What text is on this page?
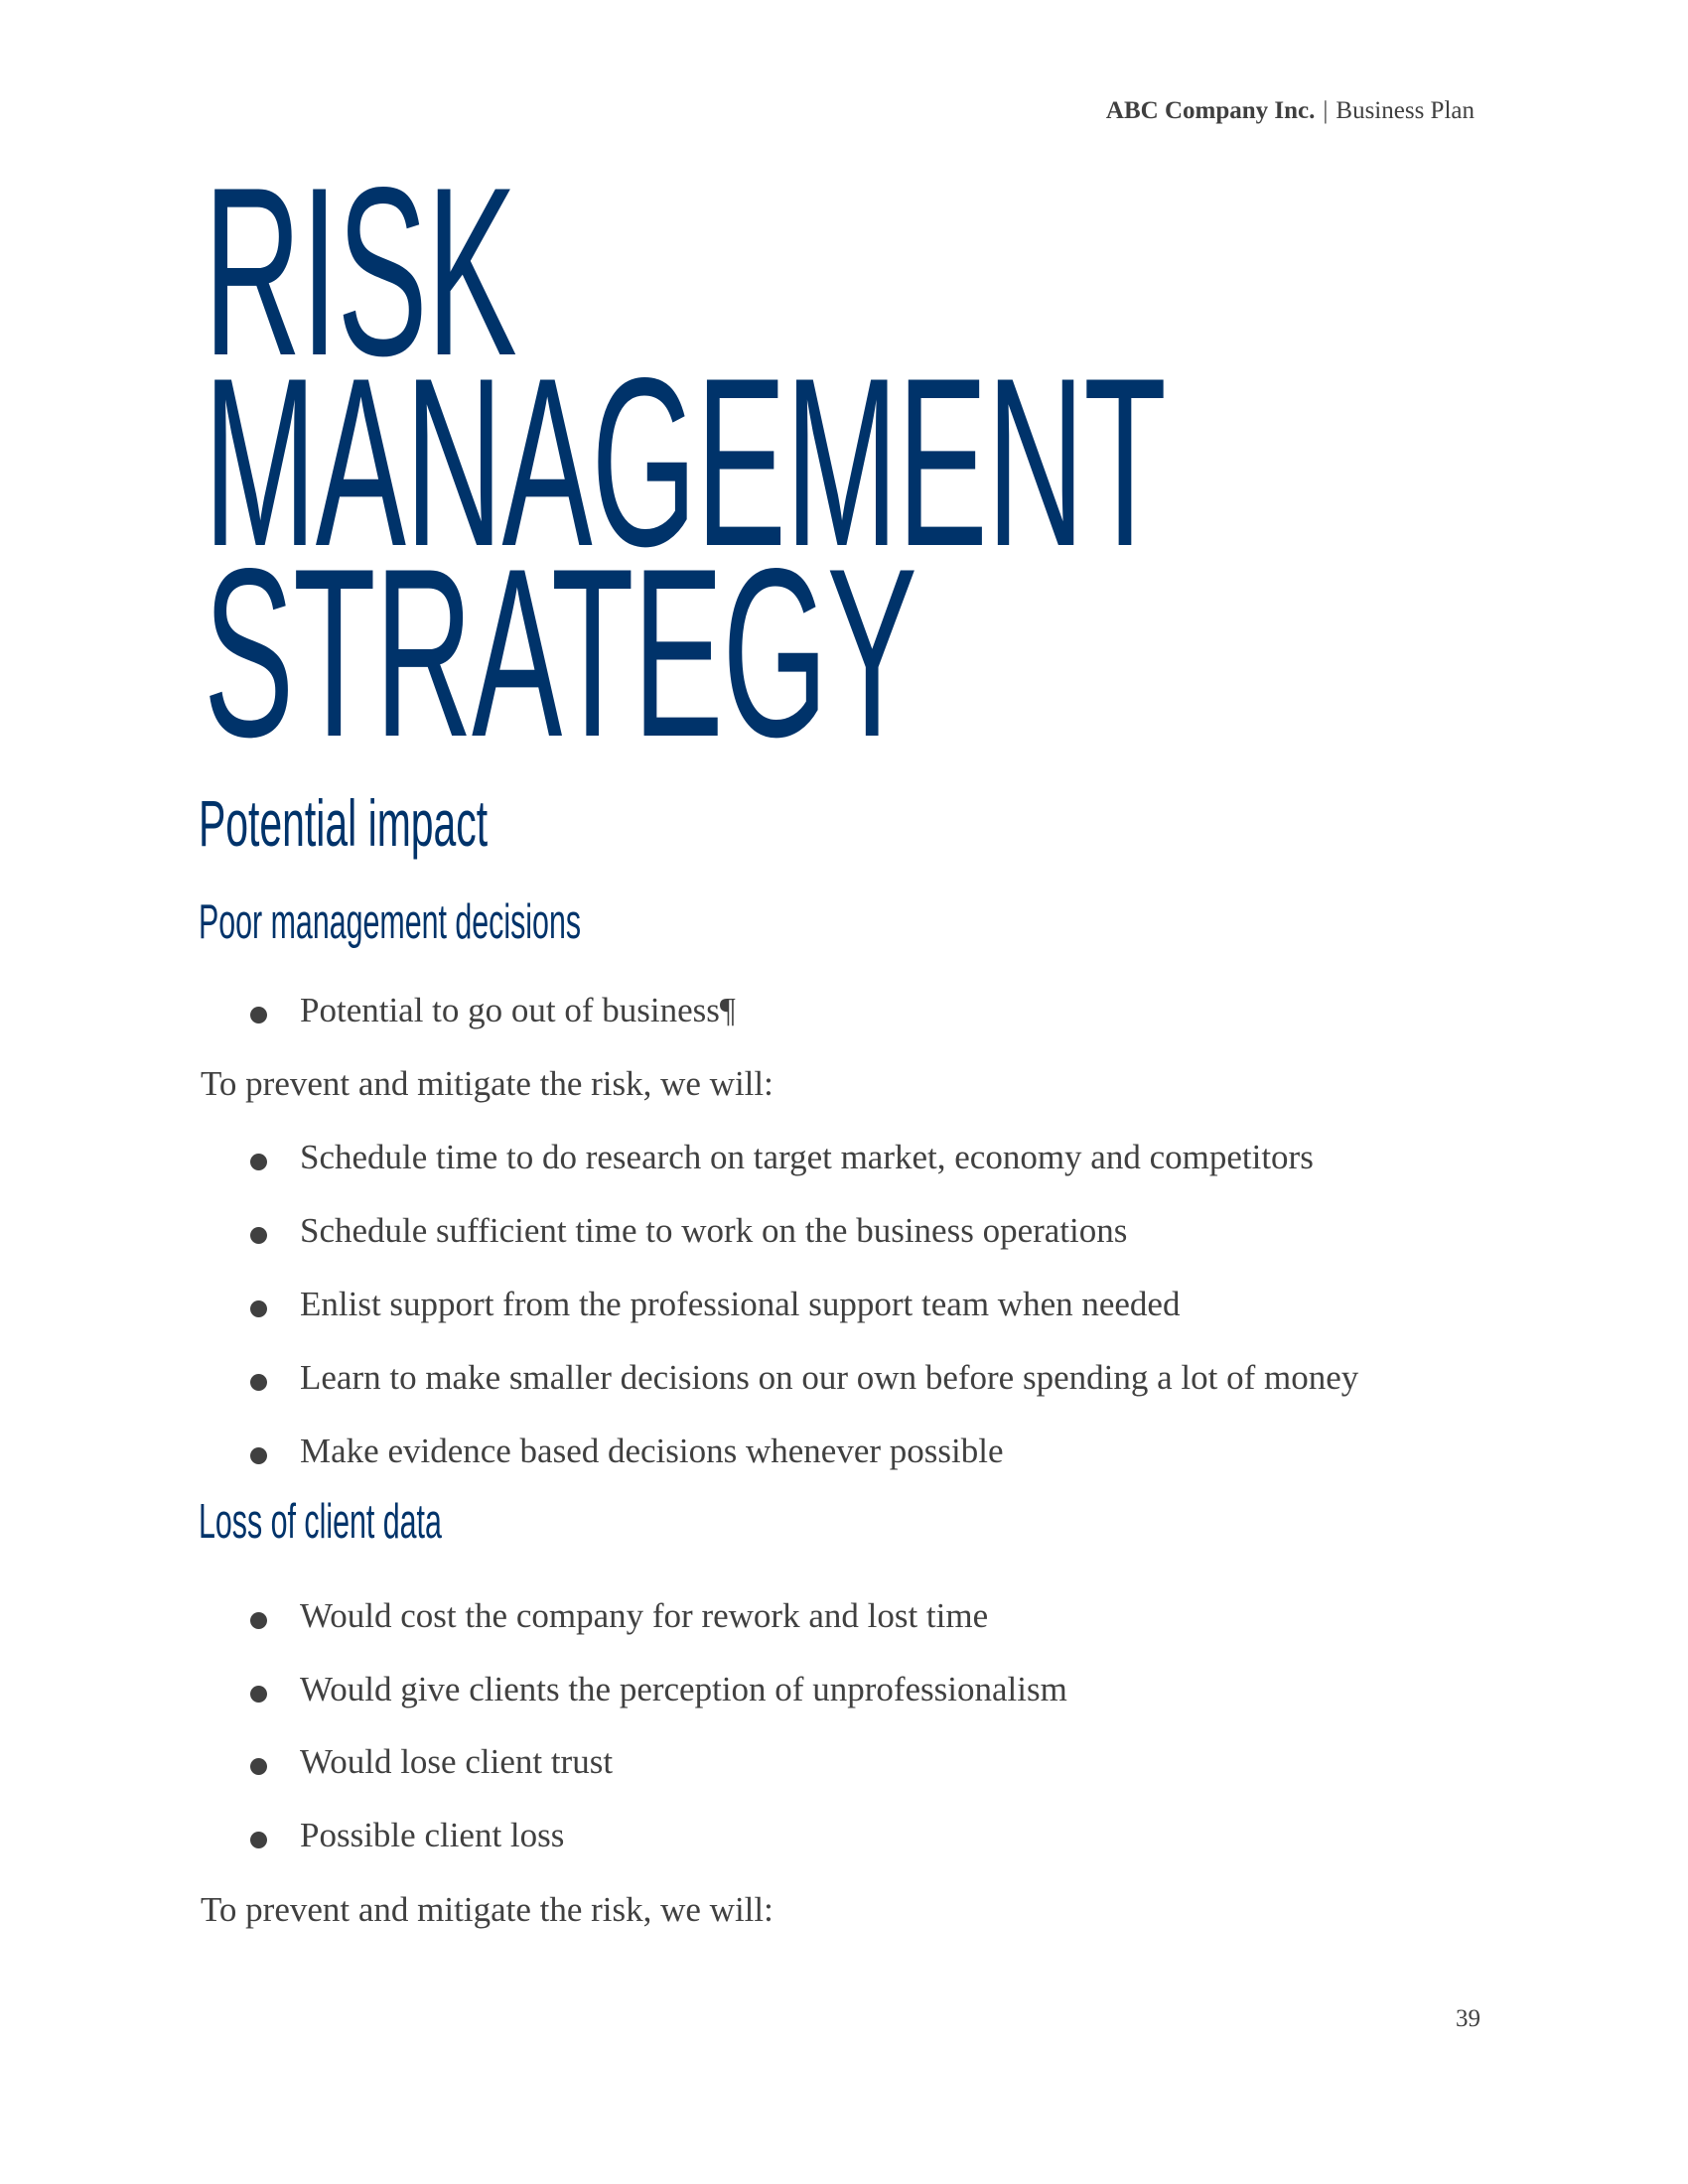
ABC Company Inc. | Business Plan
RISK
MANAGEMENT
STRATEGY
Potential impact
Poor management decisions
Potential to go out of business¶
To prevent and mitigate the risk, we will:
Schedule time to do research on target market, economy and competitors
Schedule sufficient time to work on the business operations
Enlist support from the professional support team when needed
Learn to make smaller decisions on our own before spending a lot of money
Make evidence based decisions whenever possible
Loss of client data
Would cost the company for rework and lost time
Would give clients the perception of unprofessionalism
Would lose client trust
Possible client loss
To prevent and mitigate the risk, we will:
39
